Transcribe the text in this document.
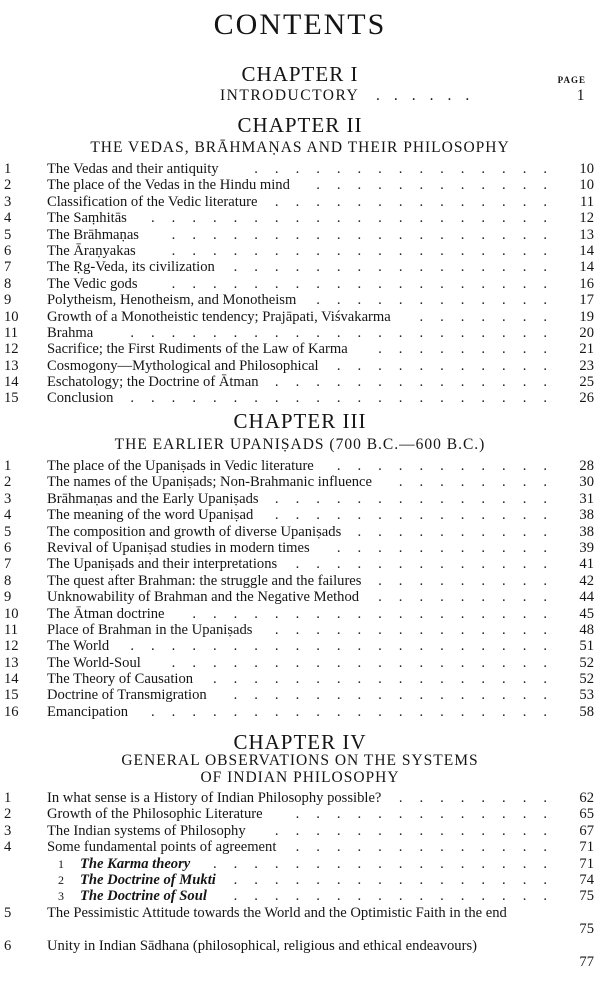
CONTENTS
CHAPTER I	PAGE
INTRODUCTORY ......	1
CHAPTER II
THE VEDAS, BRĀHMAṆAS AND THEIR PHILOSOPHY
1	The Vedas and their antiquity ...............	10
2	The place of the Vedas in the Hindu mind ............	10
3	Classification of the Vedic literature ..............	11
4	The Saṃhitās ....................	12
5	The Brāhmaṇas ...................	13
6	The Āraṇyakas ...................	14
7	The Ṛg-Veda, its civilization ................	14
8	The Vedic gods ...................	16
9	Polytheism, Henotheism, and Monotheism ............	17
10	Growth of a Monotheistic tendency; Prajāpati, Viśvakarma .......	19
11	Brahma	.....................	20
12	Sacrifice; the First Rudiments of the Law of Karma .........	21
13	Cosmogony—Mythological and Philosophical ...........	23
14	Eschatology; the Doctrine of Ātman ..............	25
15	Conclusion .....................	26
CHAPTER III
THE EARLIER UPANIṢADS (700 B.C.—600 B.C.)
1	The place of the Upaniṣads in Vedic literature ...........	28
2	The names of the Upaniṣads; Non-Brahmanic influence ........	30
3	Brāhmaṇas and the Early Upaniṣads ..............	31
4	The meaning of the word Upaniṣad ..............	38
5	The composition and growth of diverse Upaniṣads ..........	38
6	Revival of Upaniṣad studies in modern times ...........	39
7	The Upaniṣads and their interpretations .............	41
8	The quest after Brahman: the struggle and the failures .........	42
9	Unknowability of Brahman and the Negative Method .........	44
10	The Ātman doctrine ..................	45
11	Place of Brahman in the Upaniṣads ..............	48
12	The World .....................	51
13	The World-Soul ...................	52
14	The Theory of Causation .................	52
15	Doctrine of Transmigration ................	53
16	Emancipation ....................	58
CHAPTER IV
GENERAL OBSERVATIONS ON THE SYSTEMS
OF INDIAN PHILOSOPHY
1	In what sense is a History of Indian Philosophy possible? ........	62
2	Growth of the Philosophic Literature .............	65
3	The Indian systems of Philosophy ..............	67
4	Some fundamental points of agreement .............	71
1	The Karma theory .................	71
2	The Doctrine of Mukti ................	74
3	The Doctrine of Soul ................	75
5	The Pessimistic Attitude towards the World and the Optimistic Faith in the end
75
6	Unity in Indian Sādhana (philosophical, religious and ethical endeavours)
77
